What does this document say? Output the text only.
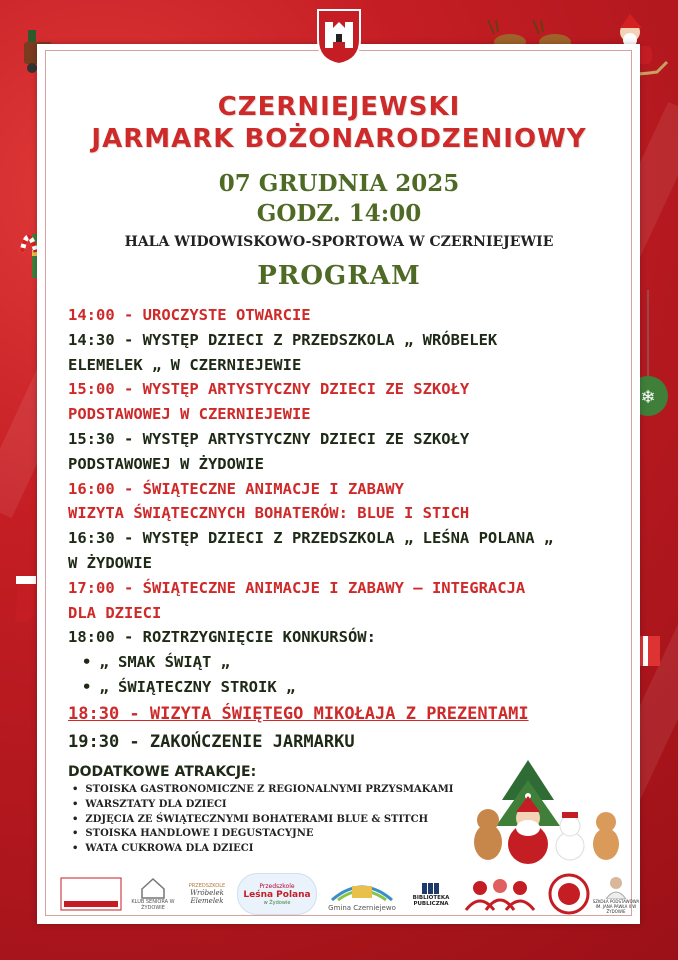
❄
CZERNIEJEWSKI
JARMARK BOŻONARODZENIOWY
07 GRUDNIA 2025
GODZ. 14:00
HALA WIDOWISKOWO-SPORTOWA W CZERNIEJEWIE
PROGRAM
14:00 - UROCZYSTE OTWARCIE
14:30 - WYSTĘP DZIECI Z PRZEDSZKOLA „ WRÓBELEK
ELEMELEK „ W CZERNIEJEWIE
15:00 - WYSTĘP ARTYSTYCZNY DZIECI ZE SZKOŁY
PODSTAWOWEJ W CZERNIEJEWIE
15:30 - WYSTĘP ARTYSTYCZNY DZIECI ZE SZKOŁY
PODSTAWOWEJ W ŻYDOWIE
16:00 - ŚWIĄTECZNE ANIMACJE I ZABAWY
WIZYTA ŚWIĄTECZNYCH BOHATERÓW: BLUE I STICH
16:30 - WYSTĘP DZIECI Z PRZEDSZKOLA „ LEŚNA POLANA „
W ŻYDOWIE
17:00 - ŚWIĄTECZNE ANIMACJE I ZABAWY – INTEGRACJA
DLA DZIECI
18:00 - ROZTRZYGNIĘCIE KONKURSÓW:
• „ SMAK ŚWIĄT „
• „ ŚWIĄTECZNY STROIK „
18:30 - WIZYTA ŚWIĘTEGO MIKOŁAJA Z PREZENTAMI
19:30 - ZAKOŃCZENIE JARMARKU
DODATKOWE ATRAKCJE:
• STOISKA GASTRONOMICZNE Z REGIONALNYMI PRZYSMAKAMI
• WARSZTATY DLA DZIECI
• ZDJĘCIA ZE ŚWIĄTECZNYMI BOHATERAMI BLUE & STITCH
• STOISKA HANDLOWE I DEGUSTACYJNE
• WATA CUKROWA DLA DZIECI
KLUB SENIORA W ŻYDOWIE
PRZEDSZKOLE
Wróbelek Elemelek
Przedszkole
Leśna Polana
w Żydowie
Gmina Czerniejewo
BIBLIOTEKA PUBLICZNA	SZKOŁA PODSTAWOWA IM. JANA PAWŁA II W ŻYDOWIE
